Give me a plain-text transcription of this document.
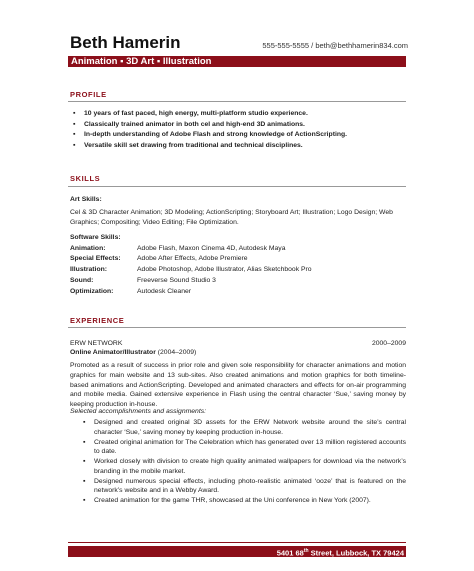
Beth Hamerin	555-555-5555 / beth@bethhamerin834.com
Animation ▪ 3D Art ▪ Illustration
PROFILE
▪ 10 years of fast paced, high energy, multi-platform studio experience.
▪ Classically trained animator in both cel and high-end 3D animations.
▪ In-depth understanding of Adobe Flash and strong knowledge of ActionScripting.
▪ Versatile skill set drawing from traditional and technical disciplines.
SKILLS
Art Skills:
Cel & 3D Character Animation; 3D Modeling; ActionScripting; Storyboard Art; Illustration; Logo Design; Web Graphics; Compositing; Video Editing; File Optimization.
Software Skills:
Animation:	Adobe Flash, Maxon Cinema 4D, Autodesk Maya
Special Effects: Adobe After Effects, Adobe Premiere
Illustration:	Adobe Photoshop, Adobe Illustrator, Alias Sketchbook Pro
Sound:	Freeverse Sound Studio 3
Optimization:	Autodesk Cleaner
EXPERIENCE
ERW NETWORK	2000–2009
Online Animator/Illustrator (2004–2009)
Promoted as a result of success in prior role and given sole responsibility for character animations and motion graphics for main website and 13 sub-sites. Also created animations and motion graphics for both timeline-based animations and ActionScripting. Developed and animated characters and effects for on-air programming and mobile media. Gained extensive experience in Flash using the central character ‘Sue,’ saving money by keeping production in-house.
Selected accomplishments and assignments:
▪ Designed and created original 3D assets for the ERW Network website around the site’s central character ‘Sue,’ saving money by keeping production in-house.
▪ Created original animation for The Celebration which has generated over 13 million registered accounts to date.
▪ Worked closely with division to create high quality animated wallpapers for download via the network’s branding in the mobile market.
▪ Designed numerous special effects, including photo-realistic animated ‘ooze’ that is featured on the network’s website and in a Webby Award.
▪ Created animation for the game THR, showcased at the Uni conference in New York (2007).
5401 68th Street, Lubbock, TX 79424
